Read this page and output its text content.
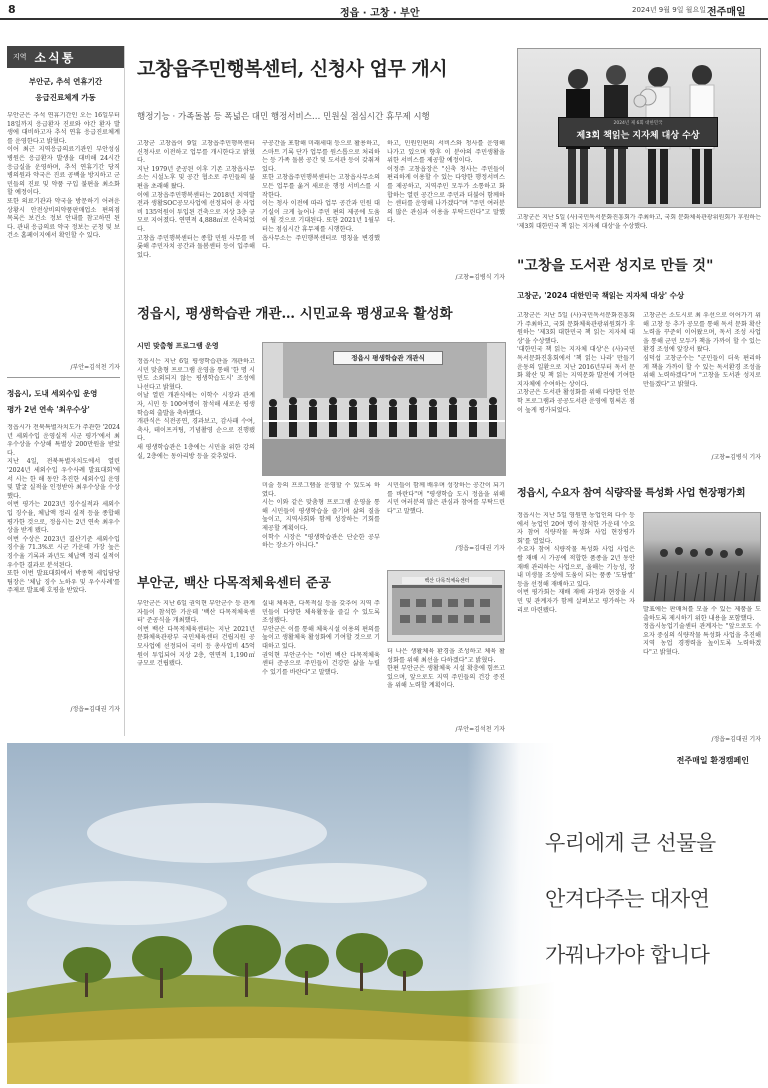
8	정읍 · 고창 · 부안	2024년 9월 9일 월요일 전주매일
지역 소식통
부안군, 추석 연휴기간
응급진료체계 가동
부안군은 추석 연휴기간인 오는 16일부터 18일까지 응급환자 진료와 야간 환자 발생에 대비하고자 추석 연휴 응급진료체계를 운영한다고 밝혔다.
이어 최근 지역응급의료기관인 부안성심병원은 응급환자 발생을 대비해 24시간 응급실을 운영하며, 추석 연휴기간 당직 병의원과 약국은 진료 공백을 방지하고 군민들의 진료 및 약품 구입 불편을 최소화할 예정이다.
또한 의료기관과 약국을 방문하기 어려운 상황시 안전상비의약품판매업소 편의점 목록은 보건소 정보 안내를 참고하면 된다. 관내 응급의료 약국 정보는 군청 및 보건소 홈페이지에서 확인할 수 있다.
/부안=김석천 기자
정읍시, 도내 세외수입 운영
평가 2년 연속 '최우수상'
정읍시가 전북특별자치도가 주관한 '2024년 세외수입 운영실적 시군 평가'에서 최우수상을 수상해 특별상 200만원을 받았다.
지난 4일, 전북특별자치도에서 열린 '2024년 세외수입 우수사례 발표대회'에서 시는 한 해 동안 추진한 세외수입 운영 및 발굴 실적을 인정받아 최우수상을 수상했다.
이번 평가는 2023년 징수실적과 세외수입 징수율, 체납액 정리 실적 등을 종합해 평가한 것으로, 정읍시는 2년 연속 최우수상을 받게 됐다.
이번 수상은 2023년 결산기준 세외수입 징수율 71.3%로 시군 가운데 가장 높은 징수율 기록과 과년도 체납액 정리 실적이 우수한 결과로 분석된다.
또한 이번 발표대회에서 박종혁 세입담당팀장은 '체납 징수 노하우 및 우수사례'를 주제로 발표해 호평을 받았다.
/정읍=김대권 기자
고창읍주민행복센터, 신청사 업무 개시
행정기능 · 가족돌봄 등 폭넓은 대민 행정서비스… 민원실 점심시간 휴무제 시행
고창군 고창읍이 9일 고창읍주민행복센터 신청사로 이전하고 업무를 개시한다고 밝혔다.
지난 1979년 준공된 이후 기존 고창읍사무소는 시설노후 및 공간 협소로 주민들의 불편을 초래해 왔다.
이에 고창읍주민행복센터는 2018년 지역발전과 생활SOC공모사업에 선정되어 총 사업비 135억원이 투입된 건축으로 지상 3층 규모로 지어졌다. 연면적 4,888㎡로 신축되었다.
고창읍 주민행복센터는 종합 민원 사무를 비롯해 주민자치 공간과 돌봄센터 등이 입주해 있다.
구공간을 포함해 미래세대 등으로 활용하고, 스마트 기록 단가 업무를 원스톱으로 처리하는 등 가족 돌봄 공간 및 도서관 등이 갖춰져 있다.
또한 고창읍주민행복센터는 고창읍사무소의 모든 업무를 옮겨 새로운 행정 서비스를 시작한다.
이는 청사 이전에 따라 업무 공간과 민원 대기실이 크게 늘어나 주민 편의 제공에 도움이 될 것으로 기대된다. 또한 2021년 1월부터는 점심시간 휴무제를 시행한다.
읍사무소는 주민행복센터로 명칭을 변경했다.
하고, 민원인편의 서비스와 청사를 운영해 나가고 있으며 향후 이 분야의 주민생활을 위한 서비스를 제공할 예정이다.
이정주 고창읍장은 "신축 청사는 주민들이 편리하게 이용할 수 있는 다양한 행정서비스를 제공하고, 지역주민 모두가 소통하고 화합하는 열린 공간으로 주민과 더불어 함께하는 센터를 운영해 나가겠다"며 "주민 여러분의 많은 관심과 이용을 부탁드린다"고 말했다.
/고창=김병식 기자
2024년 제 6회 대한민국
제3회 책읽는 지자체 대상 수상
고창군은 지난 5일 (사)국민독서문화진흥회가 주최하고, 국회 문화체육관광위원회가 후원하는 '제3회 대한민국 책 읽는 지자체 대상'을 수상했다.
"고창을 도서관 성지로 만들 것"
고창군, '2024 대한민국 책읽는 지자체 대상' 수상
고창군은 지난 5일 (사)국민독서문화진흥회가 주최하고, 국회 문화체육관광위원회가 후원하는 '제3회 대한민국 책 읽는 지자체 대상'을 수상했다.
'대한민국 책 읽는 지자체 대상'은 (사)국민독서문화진흥회에서 '책 읽는 나라' 만들기 운동의 일환으로 지난 2016년부터 독서 문화 확산 및 책 읽는 지역문화 발전에 기여한 지자체에 수여하는 상이다.
고창군은 도서관 활성화를 위해 다양한 인문학 프로그램과 공공도서관 운영에 힘써온 점이 높게 평가되었다.
고창군은 소도시로 최 우선으로 이어가기 위해 고창 등 추가 공모를 통해 독서 문화 확산 노력을 꾸준히 이어왔으며, 독서 조성 사업을 통해 군민 모두가 책을 가까이 할 수 있는 환경 조성에 앞장서 왔다.
심덕섭 고창군수는 "군민들이 더욱 편리하게 책을 가까이 할 수 있는 독서환경 조성을 위해 노력하겠다"며 "고창을 도서관 성지로 만들겠다"고 밝혔다.
/고창=김병식 기자
정읍시, 평생학습관 개관… 시민교육 평생교육 활성화
시민 맞춤형 프로그램 운영
정읍시는 지난 6일 평생학습관을 개관하고 시민 맞춤형 프로그램 운영을 통해 '한 명 시민도 소외되지 않는 평생학습도시' 조성에 나선다고 밝혔다.
이날 열린 개관식에는 이학수 시장과 관계자, 시민 등 100여명이 참석해 새로운 평생학습의 출발을 축하했다.
개관식은 식전공연, 경과보고, 감사패 수여, 축사, 테이프커팅, 기념촬영 순으로 진행됐다.
새 평생학습관은 1층에는 시민을 위한 강의실, 2층에는 동아리방 등을 갖추었다.
정읍시 평생학습관 개관식
미술 등의 프로그램을 운영할 수 있도록 하였다.
시는 이와 같은 맞춤형 프로그램 운영을 통해 시민들이 평생학습을 즐기며 삶의 질을 높이고, 지역사회와 함께 성장하는 기회를 제공할 계획이다.
이학수 시장은 "평생학습관은 단순한 공부하는 장소가 아니다."
시민들이 함께 배우며 성장하는 공간이 되기를 바란다"며 "평생학습 도시 정읍을 위해 시민 여러분의 많은 관심과 참여를 부탁드린다"고 말했다.
/정읍=김대권 기자
정읍시, 수요자 참여 식량작물 특성화 사업 현장평가회
정읍시는 지난 5일 영원면 농업인의 다수 등에서 농업인 20여 명이 참석한 가운데 '수요자 참여 식량작물 특성화 사업 현장평가회'를 열었다.
수요자 참여 식량작물 특성화 사업 사업은 쌀 재배 시 가공에 적합한 품종을 2년 동안 재배 관리하는 사업으로, 올해는 기능성, 장내 미생물 조성에 도움이 되는 품종 '도담쌀' 등을 선정해 재배하고 있다.
이번 평가회는 재배 재배 과정과 현장을 시민 및 관계자가 함께 살펴보고 평가하는 자리로 마련됐다.	발표에는 판매처를 모을 수 있는 제품을 도출하도록 제시하기 위한 내용을 포함했다.
정읍시농업기술센터 관계자는 "앞으로도 수요자 중심의 식량작물 특성화 사업을 추진해 지역 농업 경쟁력을 높이도록 노력하겠다"고 밝혔다.
/정읍=김대권 기자
부안군, 백산 다목적체육센터 준공
부안군은 지난 6일 권익현 부안군수 등 관계자들이 참석한 가운데 '백산 다목적체육센터' 준공식을 개최했다.
이번 백산 다목적체육센터는 지난 2021년 문화체육관광부 국민체육센터 건립지원 공모사업에 선정되어 국비 등 총사업비 45억원이 투입되어 지상 2층, 연면적 1,190㎡ 규모로 건립됐다.
실내 체육관, 다목적실 등을 갖추어 지역 주민들이 다양한 체육활동을 즐길 수 있도록 조성됐다.
부안군은 이를 통해 체육시설 이용의 편의를 높이고 생활체육 활성화에 기여할 것으로 기대하고 있다.
권익현 부안군수는 "이번 백산 다목적체육센터 준공으로 주민들이 건강한 삶을 누릴 수 있기를 바란다"고 말했다.
백산 다목적체육센터
더 나은 생활체육 환경을 조성하고 체육 활성화를 위해 최선을 다하겠다"고 밝혔다.
한편 부안군은 생활체육 시설 확충에 힘쓰고 있으며, 앞으로도 지역 주민들의 건강 증진을 위해 노력할 계획이다.
/부안=김석천 기자
전주매일 환경캠페인
우리에게 큰 선물을
안겨다주는 대자연
가꿔나가야 합니다
